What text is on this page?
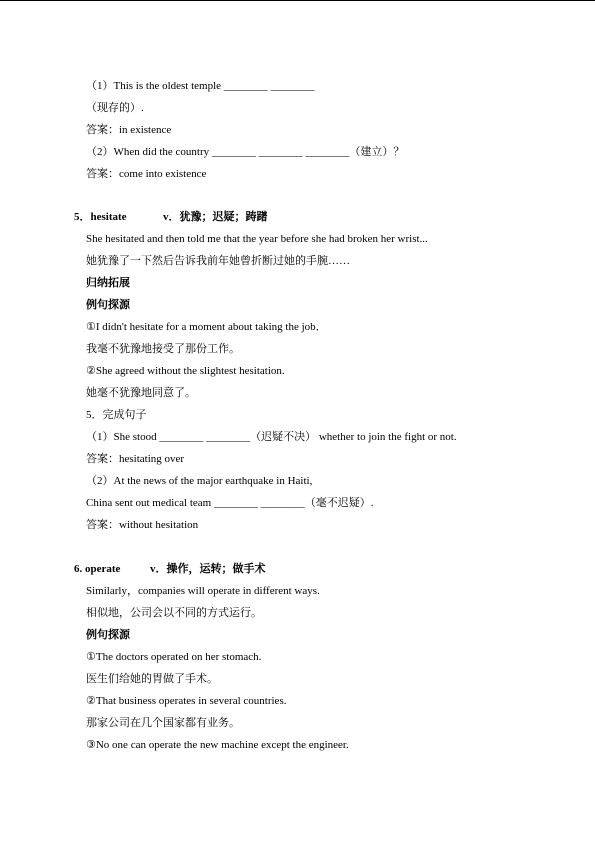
（1）This is the oldest temple ________ ________
（现存的）.
答案：in existence
（2）When did the country ________ ________ ________（建立）？
答案：come into existence
5．hesitate	v．犹豫；迟疑；踌躇
She hesitated and then told me that the year before she had broken her wrist...
她犹豫了一下然后告诉我前年她曾折断过她的手腕……
归纳拓展
例句探源
①I didn't hesitate for a moment about taking the job．
我毫不犹豫地接受了那份工作。
②She agreed without the slightest hesitation.
她毫不犹豫地同意了。
5．完成句子
（1）She stood ________ ________（迟疑不决） whether to join the fight or not.
答案：hesitating over
（2）At the news of the major earthquake in Haiti,
China sent out medical team ________ ________（毫不迟疑）.
答案：without hesitation
6. operate	v．操作，运转；做手术
Similarly，companies will operate in different ways.
相似地，公司会以不同的方式运行。
例句探源
①The doctors operated on her stomach.
医生们给她的胃做了手术。
②That business operates in several countries.
那家公司在几个国家都有业务。
③No one can operate the new machine except the engineer.
